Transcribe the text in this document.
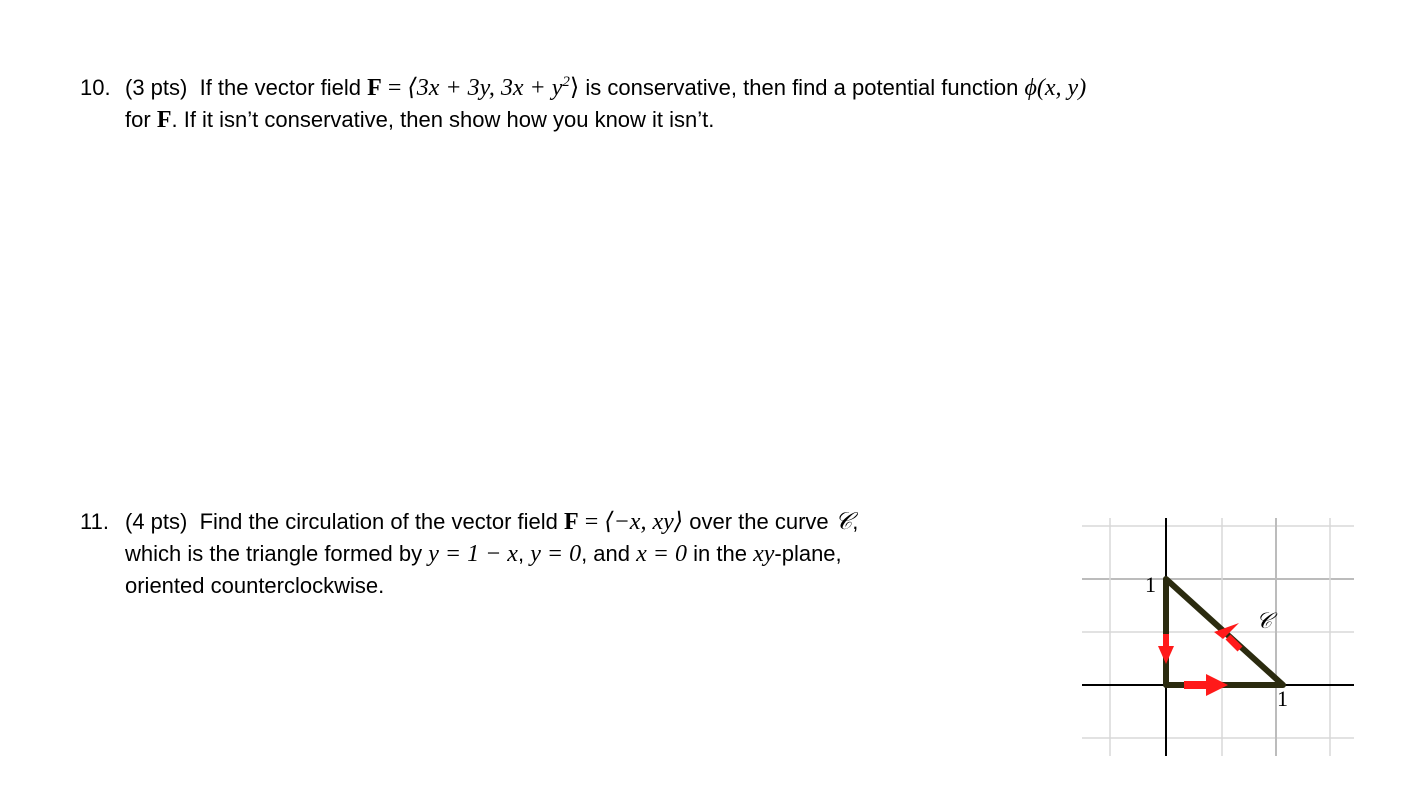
10. (3 pts) If the vector field F = ⟨3x + 3y, $3x + y^2⟩$ is conservative, then find a potential function ϕ(x, y)
for F. If it isn’t conservative, then show how you know it isn’t.
11. (4 pts) Find the circulation of the vector field F = ⟨−x, xy⟩ over the curve 𝒞,
which is the triangle formed by y = 1 − x, y = 0, and x = 0 in the xy-plane,
oriented counterclockwise.	1
1
𝒞
